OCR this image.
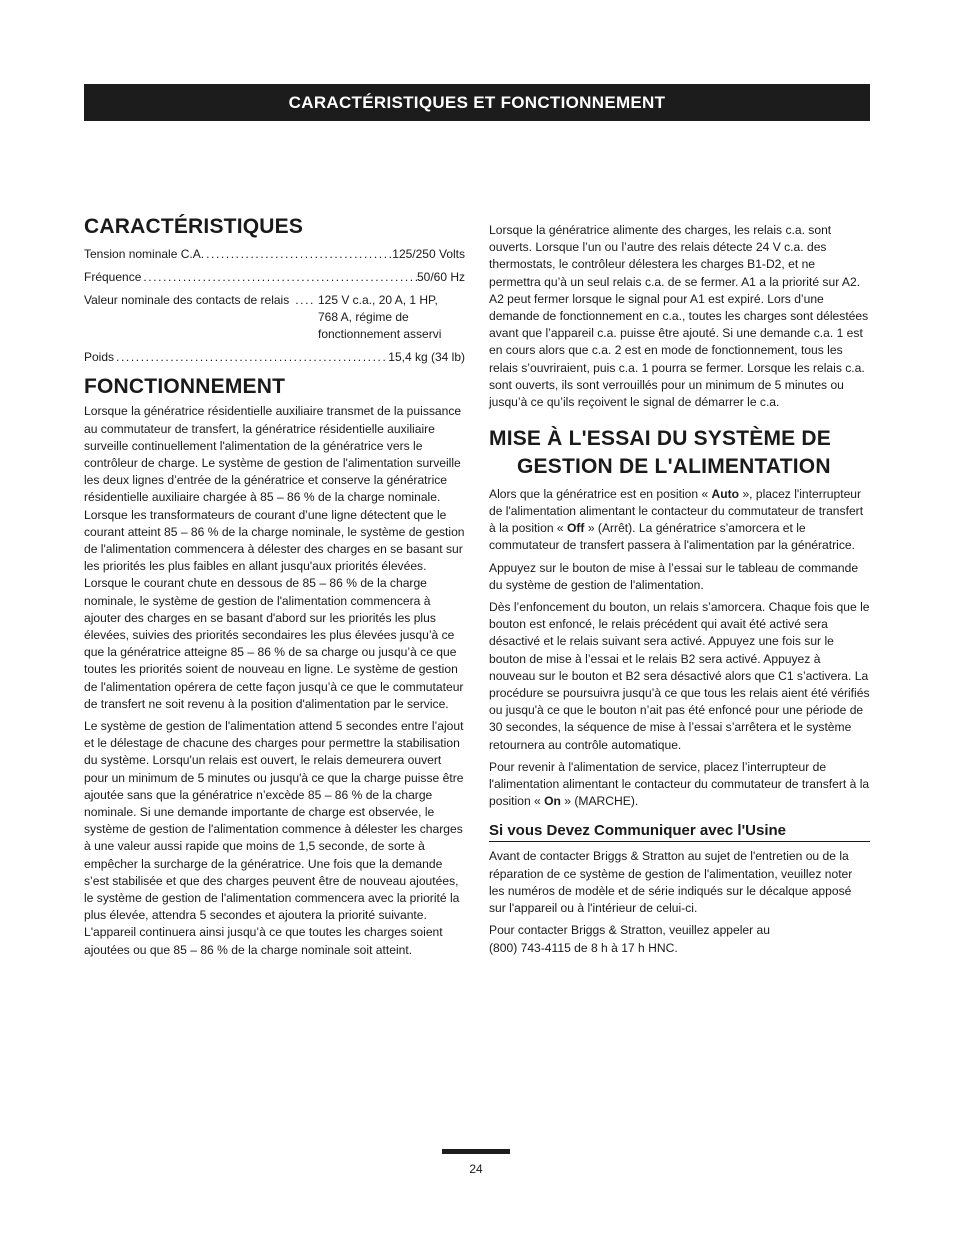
CARACTÉRISTIQUES ET FONCTIONNEMENT
CARACTÉRISTIQUES
Tension nominale C.A. .....	125/250 Volts
Fréquence .....	50/60 Hz
Valeur nominale des contacts de relais .... 125 V c.a., 20 A, 1 HP, 768 A, régime de fonctionnement asservi
Poids .....	15,4 kg (34 lb)
FONCTIONNEMENT

Lorsque la génératrice résidentielle auxiliaire transmet de la puissance au commutateur de transfert, la génératrice résidentielle auxiliaire surveille continuellement l'alimentation de la génératrice vers le contrôleur de charge. Le système de gestion de l'alimentation surveille les deux lignes d’entrée de la génératrice et conserve la génératrice résidentielle auxiliaire chargée à 85 – 86 % de la charge nominale. Lorsque les transformateurs de courant d’une ligne détectent que le courant atteint 85 – 86 % de la charge nominale, le système de gestion de l'alimentation commencera à délester des charges en se basant sur les priorités les plus faibles en allant jusqu'aux priorités élevées. Lorsque le courant chute en dessous de 85 – 86 % de la charge nominale, le système de gestion de l'alimentation commencera à ajouter des charges en se basant d'abord sur les priorités les plus élevées, suivies des priorités secondaires les plus élevées jusqu’à ce que la génératrice atteigne 85 – 86 % de sa charge ou jusqu’à ce que toutes les priorités soient de nouveau en ligne. Le système de gestion de l'alimentation opérera de cette façon jusqu’à ce que le commutateur de transfert ne soit revenu à la position d'alimentation par le service.

Le système de gestion de l'alimentation attend 5 secondes entre l’ajout et le délestage de chacune des charges pour permettre la stabilisation du système. Lorsqu'un relais est ouvert, le relais demeurera ouvert pour un minimum de 5 minutes ou jusqu'à ce que la charge puisse être ajoutée sans que la génératrice n’excède 85 – 86 % de la charge nominale. Si une demande importante de charge est observée, le système de gestion de l'alimentation commence à délester les charges à une valeur aussi rapide que moins de 1,5 seconde, de sorte à empêcher la surcharge de la génératrice. Une fois que la demande s’est stabilisée et que des charges peuvent être de nouveau ajoutées, le système de gestion de l'alimentation commencera avec la priorité la plus élevée, attendra 5 secondes et ajoutera la priorité suivante. L'appareil continuera ainsi jusqu’à ce que toutes les charges soient ajoutées ou que 85 – 86 % de la charge nominale soit atteint.

Lorsque la génératrice alimente des charges, les relais c.a. sont ouverts. Lorsque l’un ou l’autre des relais détecte 24 V c.a. des thermostats, le contrôleur délestera les charges B1-D2, et ne permettra qu’à un seul relais c.a. de se fermer. A1 a la priorité sur A2. A2 peut fermer lorsque le signal pour A1 est expiré. Lors d’une demande de fonctionnement en c.a., toutes les charges sont délestées avant que l’appareil c.a. puisse être ajouté. Si une demande c.a. 1 est en cours alors que c.a. 2 est en mode de fonctionnement, tous les relais s’ouvriraient, puis c.a. 1 pourra se fermer. Lorsque les relais c.a. sont ouverts, ils sont verrouillés pour un minimum de 5 minutes ou jusqu’à ce qu’ils reçoivent le signal de démarrer le c.a.

MISE À L'ESSAI DU SYSTÈME DE GESTION DE L'ALIMENTATION

Alors que la génératrice est en position « Auto », placez l'interrupteur de l'alimentation alimentant le contacteur du commutateur de transfert à la position « Off » (Arrêt). La génératrice s’amorcera et le commutateur de transfert passera à l'alimentation par la génératrice.

Appuyez sur le bouton de mise à l’essai sur le tableau de commande du système de gestion de l'alimentation.

Dès l’enfoncement du bouton, un relais s’amorcera. Chaque fois que le bouton est enfoncé, le relais précédent qui avait été activé sera désactivé et le relais suivant sera activé. Appuyez une fois sur le bouton de mise à l’essai et le relais B2 sera activé. Appuyez à nouveau sur le bouton et B2 sera désactivé alors que C1 s’activera. La procédure se poursuivra jusqu’à ce que tous les relais aient été vérifiés ou jusqu'à ce que le bouton n’ait pas été enfoncé pour une période de 30 secondes, la séquence de mise à l’essai s’arrêtera et le système retournera au contrôle automatique.

Pour revenir à l'alimentation de service, placez l’interrupteur de l'alimentation alimentant le contacteur du commutateur de transfert à la position « On » (MARCHE).

Si vous Devez Communiquer avec l'Usine

Avant de contacter Briggs & Stratton au sujet de l'entretien ou de la réparation de ce système de gestion de l'alimentation, veuillez noter les numéros de modèle et de série indiqués sur le décalque apposé sur l'appareil ou à l'intérieur de celui-ci.

Pour contacter Briggs & Stratton, veuillez appeler au
(800) 743-4115 de 8 h à 17 h HNC.

24
